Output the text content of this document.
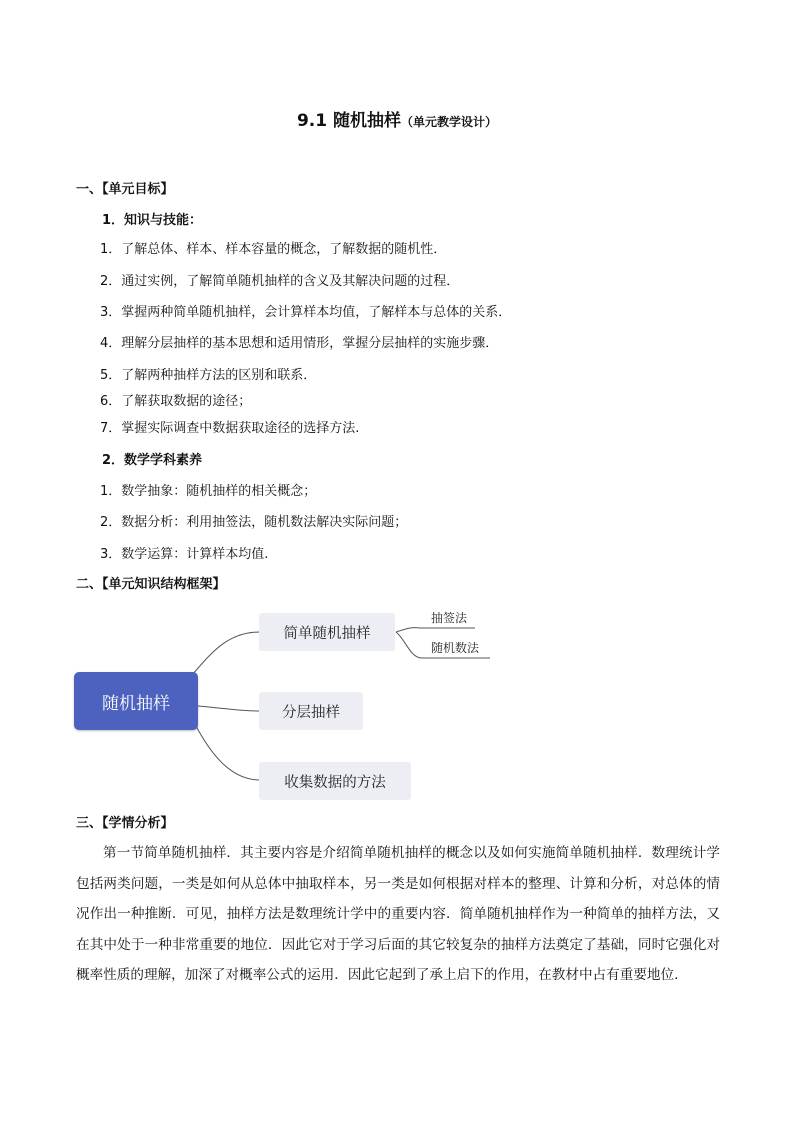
9.1 随机抽样（单元教学设计）
一、【单元目标】
1．知识与技能：
1．了解总体、样本、样本容量的概念，了解数据的随机性．
2．通过实例，了解简单随机抽样的含义及其解决问题的过程．
3．掌握两种简单随机抽样，会计算样本均值，了解样本与总体的关系．
4．理解分层抽样的基本思想和适用情形，掌握分层抽样的实施步骤．
5．了解两种抽样方法的区别和联系．
6．了解获取数据的途径；
7．掌握实际调查中数据获取途径的选择方法.
2．数学学科素养
1．数学抽象：随机抽样的相关概念；
2．数据分析：利用抽签法，随机数法解决实际问题；
3．数学运算：计算样本均值.
二、【单元知识结构框架】
随机抽样
简单随机抽样
分层抽样
收集数据的方法
抽签法
随机数法
三、【学情分析】
第一节简单随机抽样．其主要内容是介绍简单随机抽样的概念以及如何实施简单随机抽样．数理统计学包括两类问题，一类是如何从总体中抽取样本，另一类是如何根据对样本的整理、计算和分析，对总体的情况作出一种推断．可见，抽样方法是数理统计学中的重要内容．简单随机抽样作为一种简单的抽样方法，又在其中处于一种非常重要的地位．因此它对于学习后面的其它较复杂的抽样方法奠定了基础，同时它强化对概率性质的理解，加深了对概率公式的运用．因此它起到了承上启下的作用，在教材中占有重要地位.
